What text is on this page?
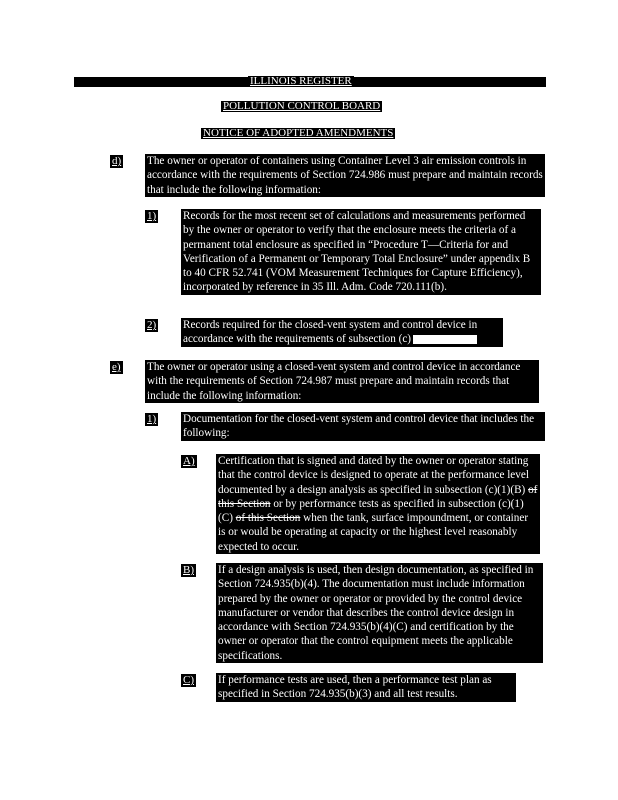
ILLINOIS REGISTER
POLLUTION CONTROL BOARD
NOTICE OF ADOPTED AMENDMENTS
d) The owner or operator of containers using Container Level 3 air emission controls in accordance with the requirements of Section 724.986 must prepare and maintain records that include the following information:
1) Records for the most recent set of calculations and measurements performed by the owner or operator to verify that the enclosure meets the criteria of a permanent total enclosure as specified in “Procedure T—Criteria for and Verification of a Permanent or Temporary Total Enclosure” under appendix B to 40 CFR 52.741 (VOM Measurement Techniques for Capture Efficiency), incorporated by reference in 35 Ill. Adm. Code 720.111(b).
2) Records required for the closed-vent system and control device in accordance with the requirements of subsection (c)
e) The owner or operator using a closed-vent system and control device in accordance with the requirements of Section 724.987 must prepare and maintain records that include the following information:
1) Documentation for the closed-vent system and control device that includes the following:
A) Certification that is signed and dated by the owner or operator stating that the control device is designed to operate at the performance level documented by a design analysis as specified in subsection (c)(1)(B) of this Section or by performance tests as specified in subsection (c)(1)(C) of this Section when the tank, surface impoundment, or container is or would be operating at capacity or the highest level reasonably expected to occur.
B) If a design analysis is used, then design documentation, as specified in Section 724.935(b)(4). The documentation must include information prepared by the owner or operator or provided by the control device manufacturer or vendor that describes the control device design in accordance with Section 724.935(b)(4)(C) and certification by the owner or operator that the control equipment meets the applicable specifications.
C) If performance tests are used, then a performance test plan as specified in Section 724.935(b)(3) and all test results.
